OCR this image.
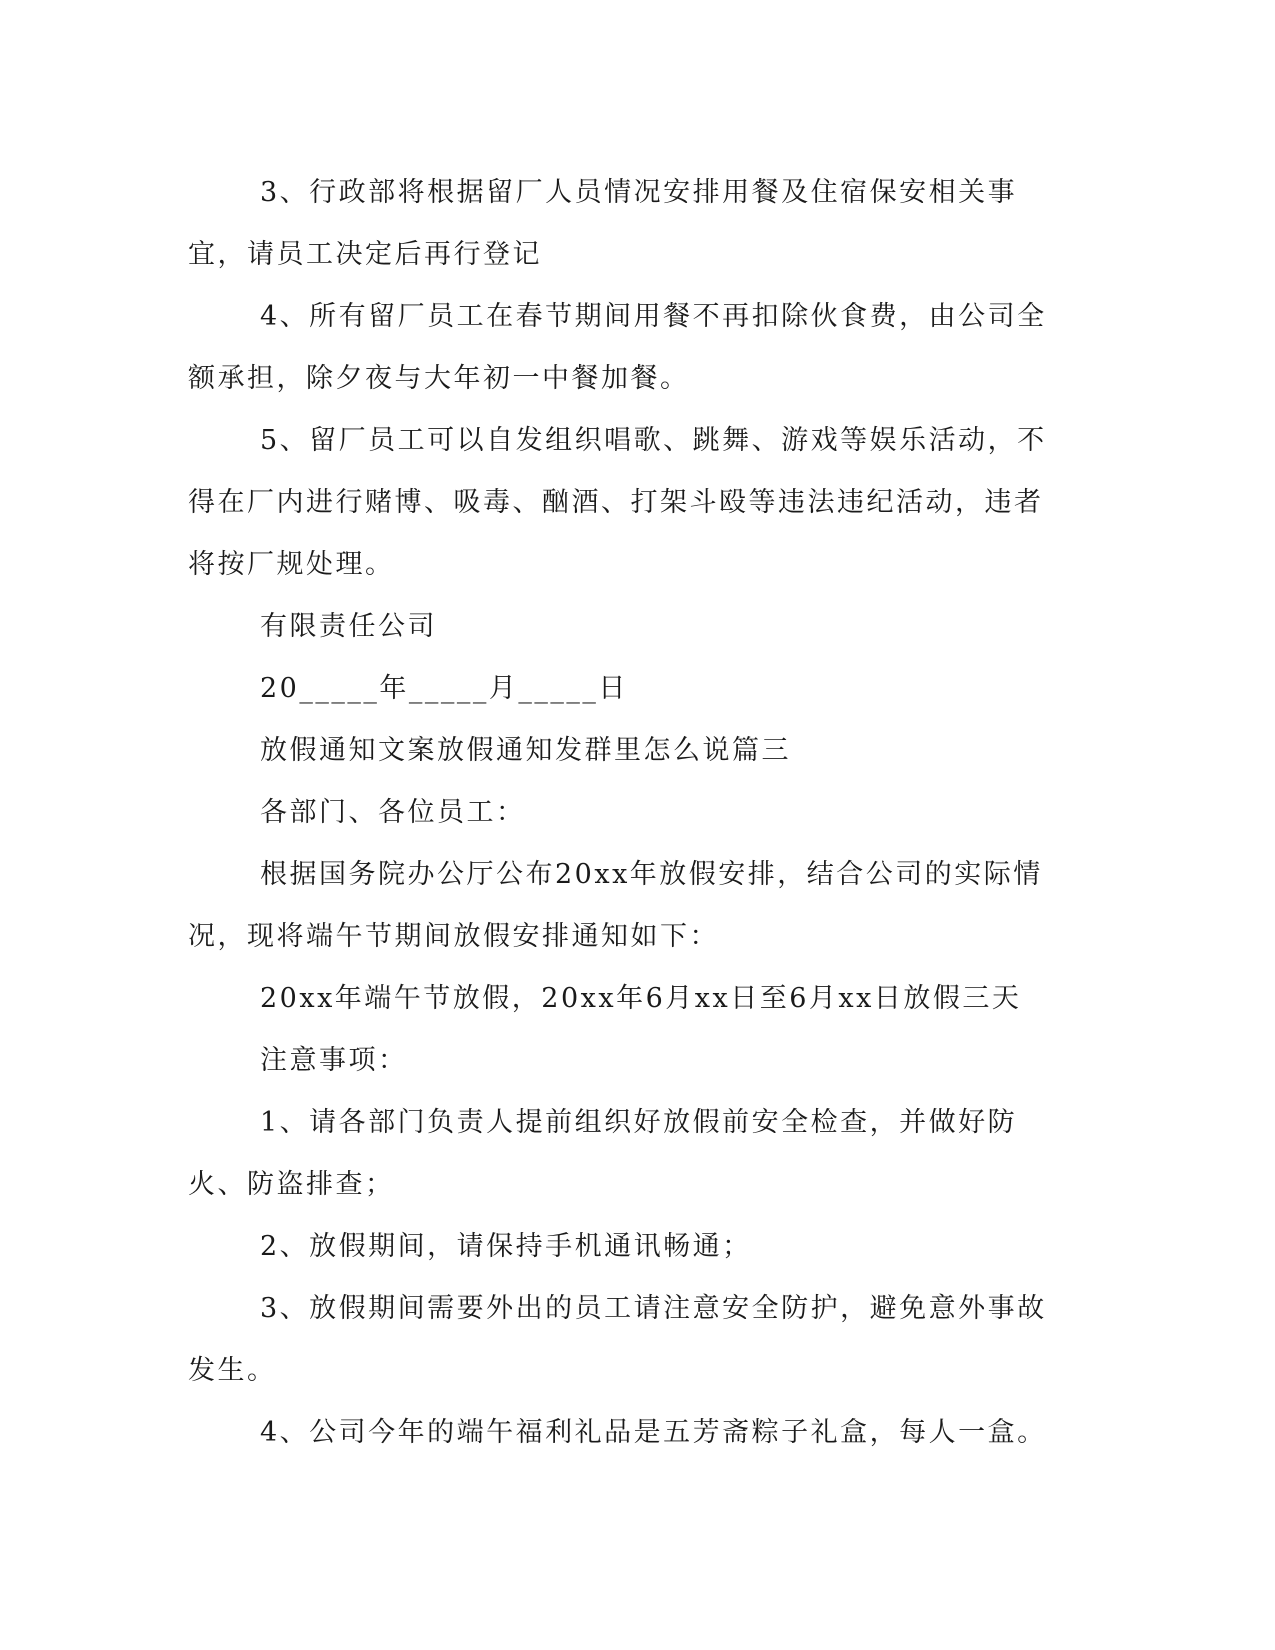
3、行政部将根据留厂人员情况安排用餐及住宿保安相关事宜，请员工决定后再行登记

4、所有留厂员工在春节期间用餐不再扣除伙食费，由公司全额承担，除夕夜与大年初一中餐加餐。

5、留厂员工可以自发组织唱歌、跳舞、游戏等娱乐活动，不得在厂内进行赌博、吸毒、酗酒、打架斗殴等违法违纪活动，违者将按厂规处理。

有限责任公司

20_____年_____月_____日

放假通知文案放假通知发群里怎么说篇三

各部门、各位员工：

根据国务院办公厅公布20xx年放假安排，结合公司的实际情况，现将端午节期间放假安排通知如下：

20xx年端午节放假，20xx年6月xx日至6月xx日放假三天

注意事项：

1、请各部门负责人提前组织好放假前安全检查，并做好防火、防盗排查；

2、放假期间，请保持手机通讯畅通；

3、放假期间需要外出的员工请注意安全防护，避免意外事故发生。

4、公司今年的端午福利礼品是五芳斋粽子礼盒，每人一盒。
